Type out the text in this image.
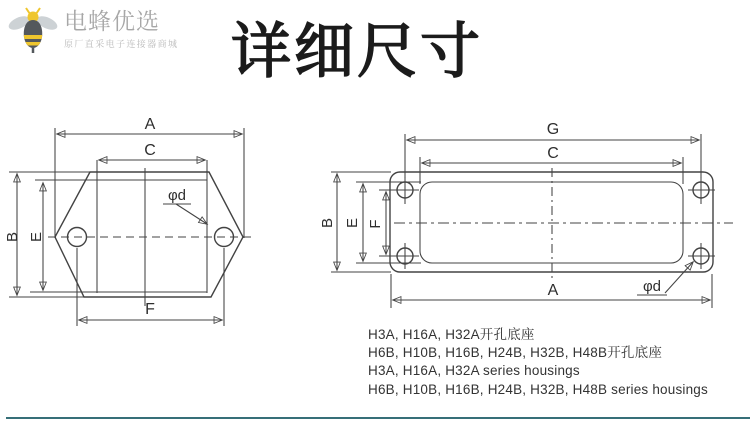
电蜂优选
原厂直采电子连接器商城 详细尺寸
A
C
B E
F
φd
G
C
B E F
A	φd
H3A, H16A, H32A开孔底座
H6B, H10B, H16B, H24B, H32B, H48B开孔底座
H3A, H16A, H32A series housings
H6B, H10B, H16B, H24B, H32B, H48B series housings
